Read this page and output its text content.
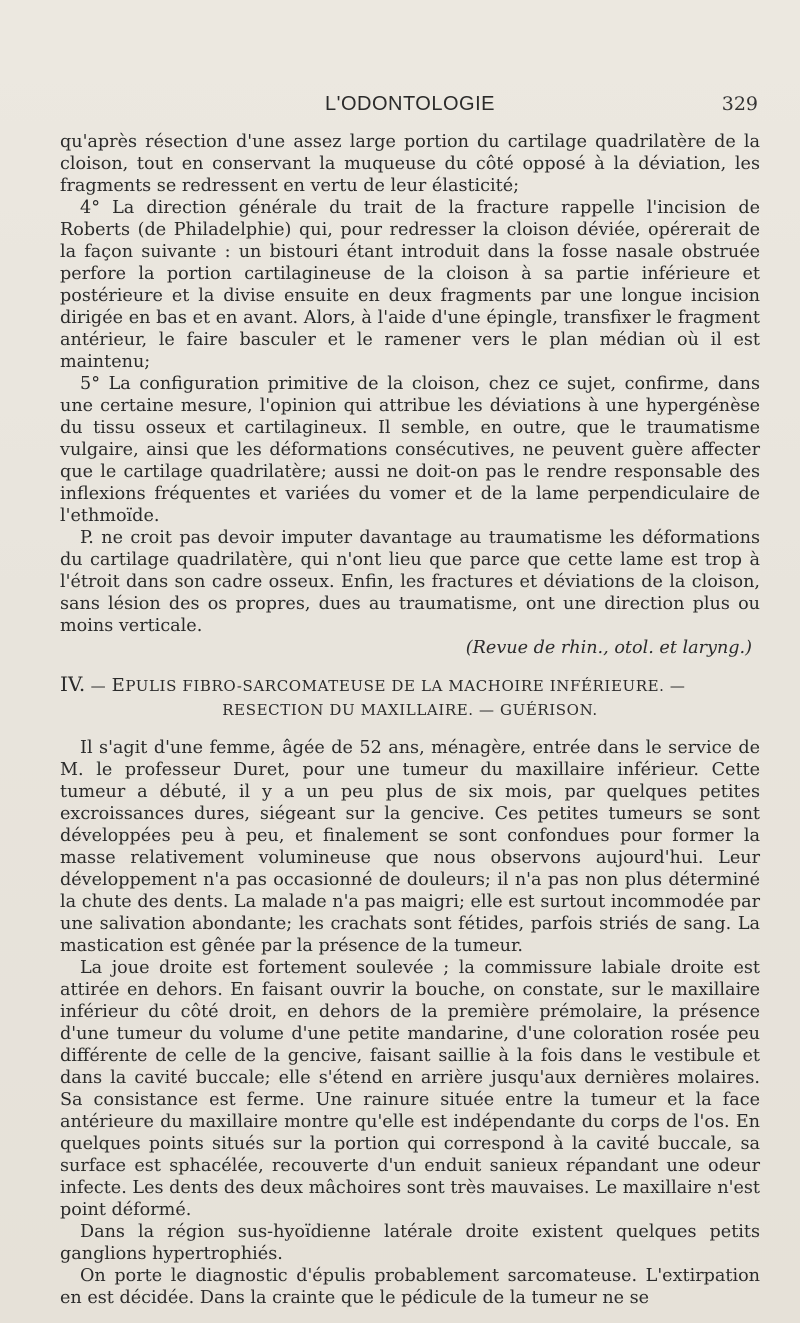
L'ODONTOLOGIE	329

qu'après résection d'une assez large portion du cartilage quadrilatère de la cloison, tout en conservant la muqueuse du côté opposé à la déviation, les fragments se redressent en vertu de leur élasticité;

4° La direction générale du trait de la fracture rappelle l'incision de Roberts (de Philadelphie) qui, pour redresser la cloison déviée, opérerait de la façon suivante : un bistouri étant introduit dans la fosse nasale obstruée perfore la portion cartilagineuse de la cloison à sa partie inférieure et postérieure et la divise ensuite en deux fragments par une longue incision dirigée en bas et en avant. Alors, à l'aide d'une épingle, transfixer le fragment antérieur, le faire basculer et le ramener vers le plan médian où il est maintenu;

5° La configuration primitive de la cloison, chez ce sujet, confirme, dans une certaine mesure, l'opinion qui attribue les déviations à une hypergénèse du tissu osseux et cartilagineux. Il semble, en outre, que le traumatisme vulgaire, ainsi que les déformations consécutives, ne peuvent guère affecter que le cartilage quadrilatère; aussi ne doit-on pas le rendre responsable des inflexions fréquentes et variées du vomer et de la lame perpendiculaire de l'ethmoïde.

P. ne croit pas devoir imputer davantage au traumatisme les déformations du cartilage quadrilatère, qui n'ont lieu que parce que cette lame est trop à l'étroit dans son cadre osseux. Enfin, les fractures et déviations de la cloison, sans lésion des os propres, dues au traumatisme, ont une direction plus ou moins verticale.

(Revue de rhin., otol. et laryng.)
IV. — EPULIS FIBRO-SARCOMATEUSE DE LA MACHOIRE INFÉRIEURE. —
RESECTION DU MAXILLAIRE. — GUÉRISON.

Il s'agit d'une femme, âgée de 52 ans, ménagère, entrée dans le service de M. le professeur Duret, pour une tumeur du maxillaire inférieur. Cette tumeur a débuté, il y a un peu plus de six mois, par quelques petites excroissances dures, siégeant sur la gencive. Ces petites tumeurs se sont développées peu à peu, et finalement se sont confondues pour former la masse relativement volumineuse que nous observons aujourd'hui. Leur développement n'a pas occasionné de douleurs; il n'a pas non plus déterminé la chute des dents. La malade n'a pas maigri; elle est surtout incommodée par une salivation abondante; les crachats sont fétides, parfois striés de sang. La mastication est gênée par la présence de la tumeur.

La joue droite est fortement soulevée ; la commissure labiale droite est attirée en dehors. En faisant ouvrir la bouche, on constate, sur le maxillaire inférieur du côté droit, en dehors de la première prémolaire, la présence d'une tumeur du volume d'une petite mandarine, d'une coloration rosée peu différente de celle de la gencive, faisant saillie à la fois dans le vestibule et dans la cavité buccale; elle s'étend en arrière jusqu'aux dernières molaires. Sa consistance est ferme. Une rainure située entre la tumeur et la face antérieure du maxillaire montre qu'elle est indépendante du corps de l'os. En quelques points situés sur la portion qui correspond à la cavité buccale, sa surface est sphacélée, recouverte d'un enduit sanieux répandant une odeur infecte. Les dents des deux mâchoires sont très mauvaises. Le maxillaire n'est point déformé.

Dans la région sus-hyoïdienne latérale droite existent quelques petits ganglions hypertrophiés.

On porte le diagnostic d'épulis probablement sarcomateuse. L'extirpation en est décidée. Dans la crainte que le pédicule de la tumeur ne se
